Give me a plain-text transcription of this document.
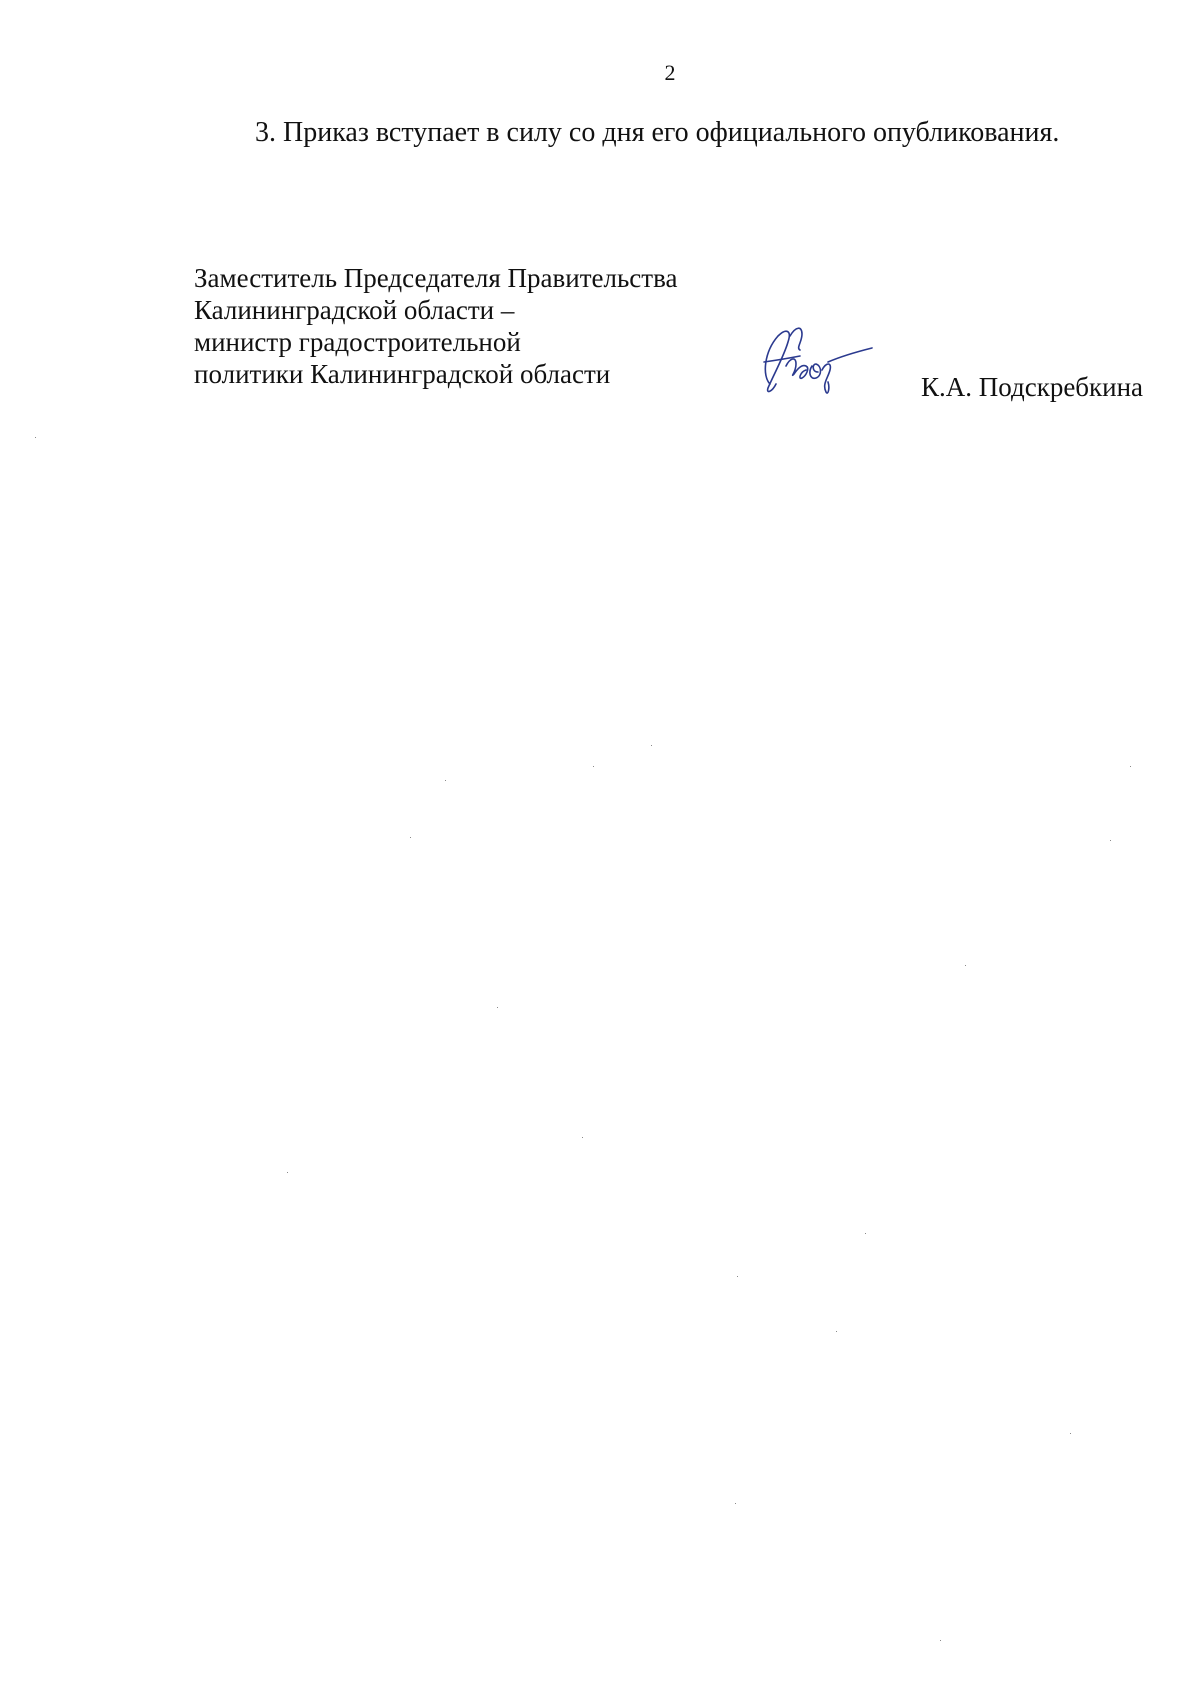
2
3. Приказ вступает в силу со дня его официального опубликования.
Заместитель Председателя Правительства
Калининградской области –
министр градостроительной
политики Калининградской области	К.А. Подскребкина
